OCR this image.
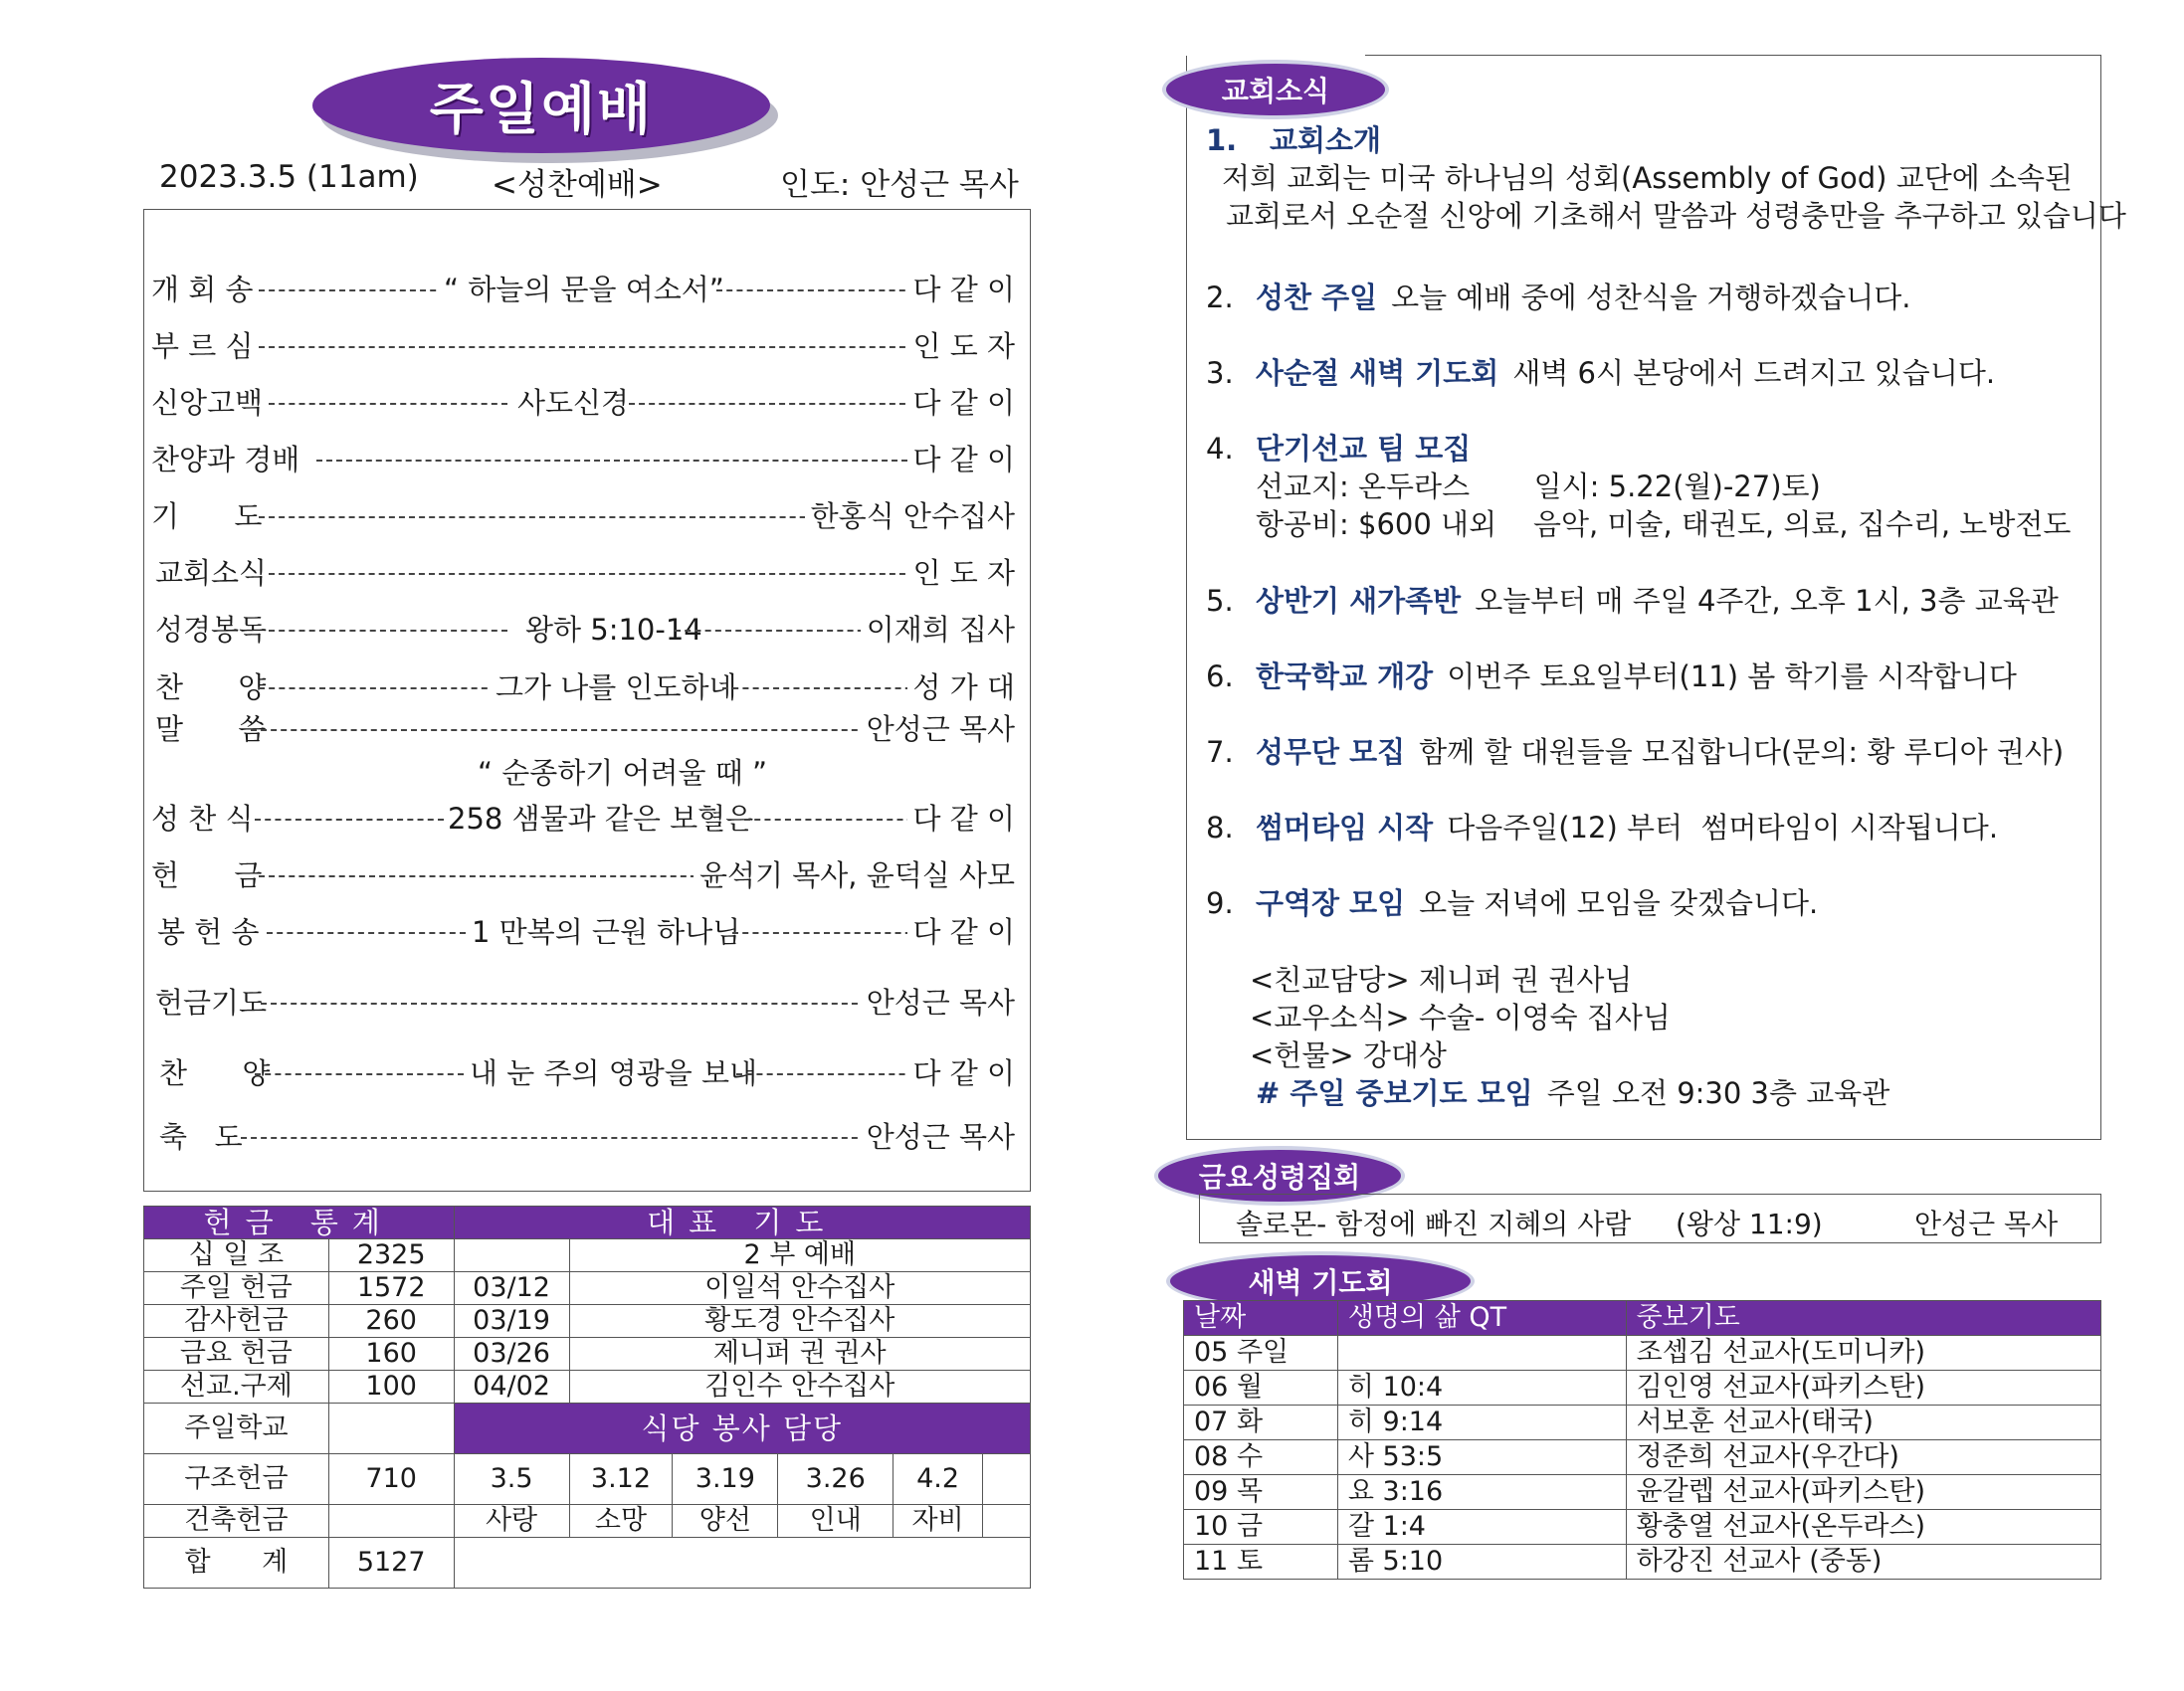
주일예배
2023.3.5 (11am) <성찬예배>	인도: 안성근 목사
개 회 송	“ 하늘의 문을 여소서”	다 같 이
부 르 심	인 도 자
신앙고백	사도신경	다 같 이
찬양과 경배	다 같 이
기      도	한홍식 안수집사
교회소식	인 도 자
성경봉독	왕하 5:10-14	이재희 집사
찬      양	그가 나를 인도하네	성 가 대
말      씀	안성근 목사
“ 순종하기 어려울 때 ”
성 찬 식	258 샘물과 같은 보혈은	다 같 이
헌      금	윤석기 목사, 윤덕실 사모
봉 헌 송	1 만복의 근원 하나님	다 같 이
헌금기도	안성근 목사
찬      양	내 눈 주의 영광을 보내	다 같 이
축   도	안성근 목사
헌금 통계		대표 기도					
십 일 조	2325		2 부 예배				
주일 헌금	1572	03/12	이일석 안수집사				
감사헌금	260	03/19	황도경 안수집사				
금요 헌금	160	03/26	제니퍼 권 권사				
선교.구제	100	04/02	김인수 안수집사				
주일학교		식당 봉사 담당					
구조헌금	710	3.5	3.12	3.19	3.26	4.2	
건축헌금		사랑	소망	양선	인내	자비	
합      계	5127						
교회소식
1. 교회소개
저희 교회는 미국 하나님의 성회(Assembly of God) 교단에 소속된
교회로서 오순절 신앙에 기초해서 말씀과 성령충만을 추구하고 있습니다
2. 성찬 주일 오늘 예배 중에 성찬식을 거행하겠습니다.
3. 사순절 새벽 기도회 새벽 6시 본당에서 드려지고 있습니다.
4. 단기선교 팀 모집
선교지: 온두라스       일시: 5.22(월)-27)토)
항공비: $600 내외    음악, 미술, 태권도, 의료, 집수리, 노방전도
5. 상반기 새가족반 오늘부터 매 주일 4주간, 오후 1시, 3층 교육관
6. 한국학교 개강 이번주 토요일부터(11) 봄 학기를 시작합니다
7. 성무단 모집 함께 할 대원들을 모집합니다(문의: 황 루디아 권사)
8. 썸머타임 시작 다음주일(12) 부터  썸머타임이 시작됩니다.
9. 구역장 모임 오늘 저녁에 모임을 갖겠습니다.
<친교담당> 제니퍼 권 권사님
<교우소식> 수술- 이영숙 집사님
<헌물> 강대상
# 주일 중보기도 모임 주일 오전 9:30 3층 교육관
금요성령집회
솔로몬- 함정에 빠진 지혜의 사람 (왕상 11:9)	안성근 목사
새벽 기도회
날짜	생명의 삶 QT	중보기도
05 주일		조셉김 선교사(도미니카)
06 월	히 10:4	김인영 선교사(파키스탄)
07 화	히 9:14	서보훈 선교사(태국)
08 수	사 53:5	정준희 선교사(우간다)
09 목	요 3:16	윤갈렙 선교사(파키스탄)
10 금	갈 1:4	황충열 선교사(온두라스)
11 토	롬 5:10	하강진 선교사 (중동)
